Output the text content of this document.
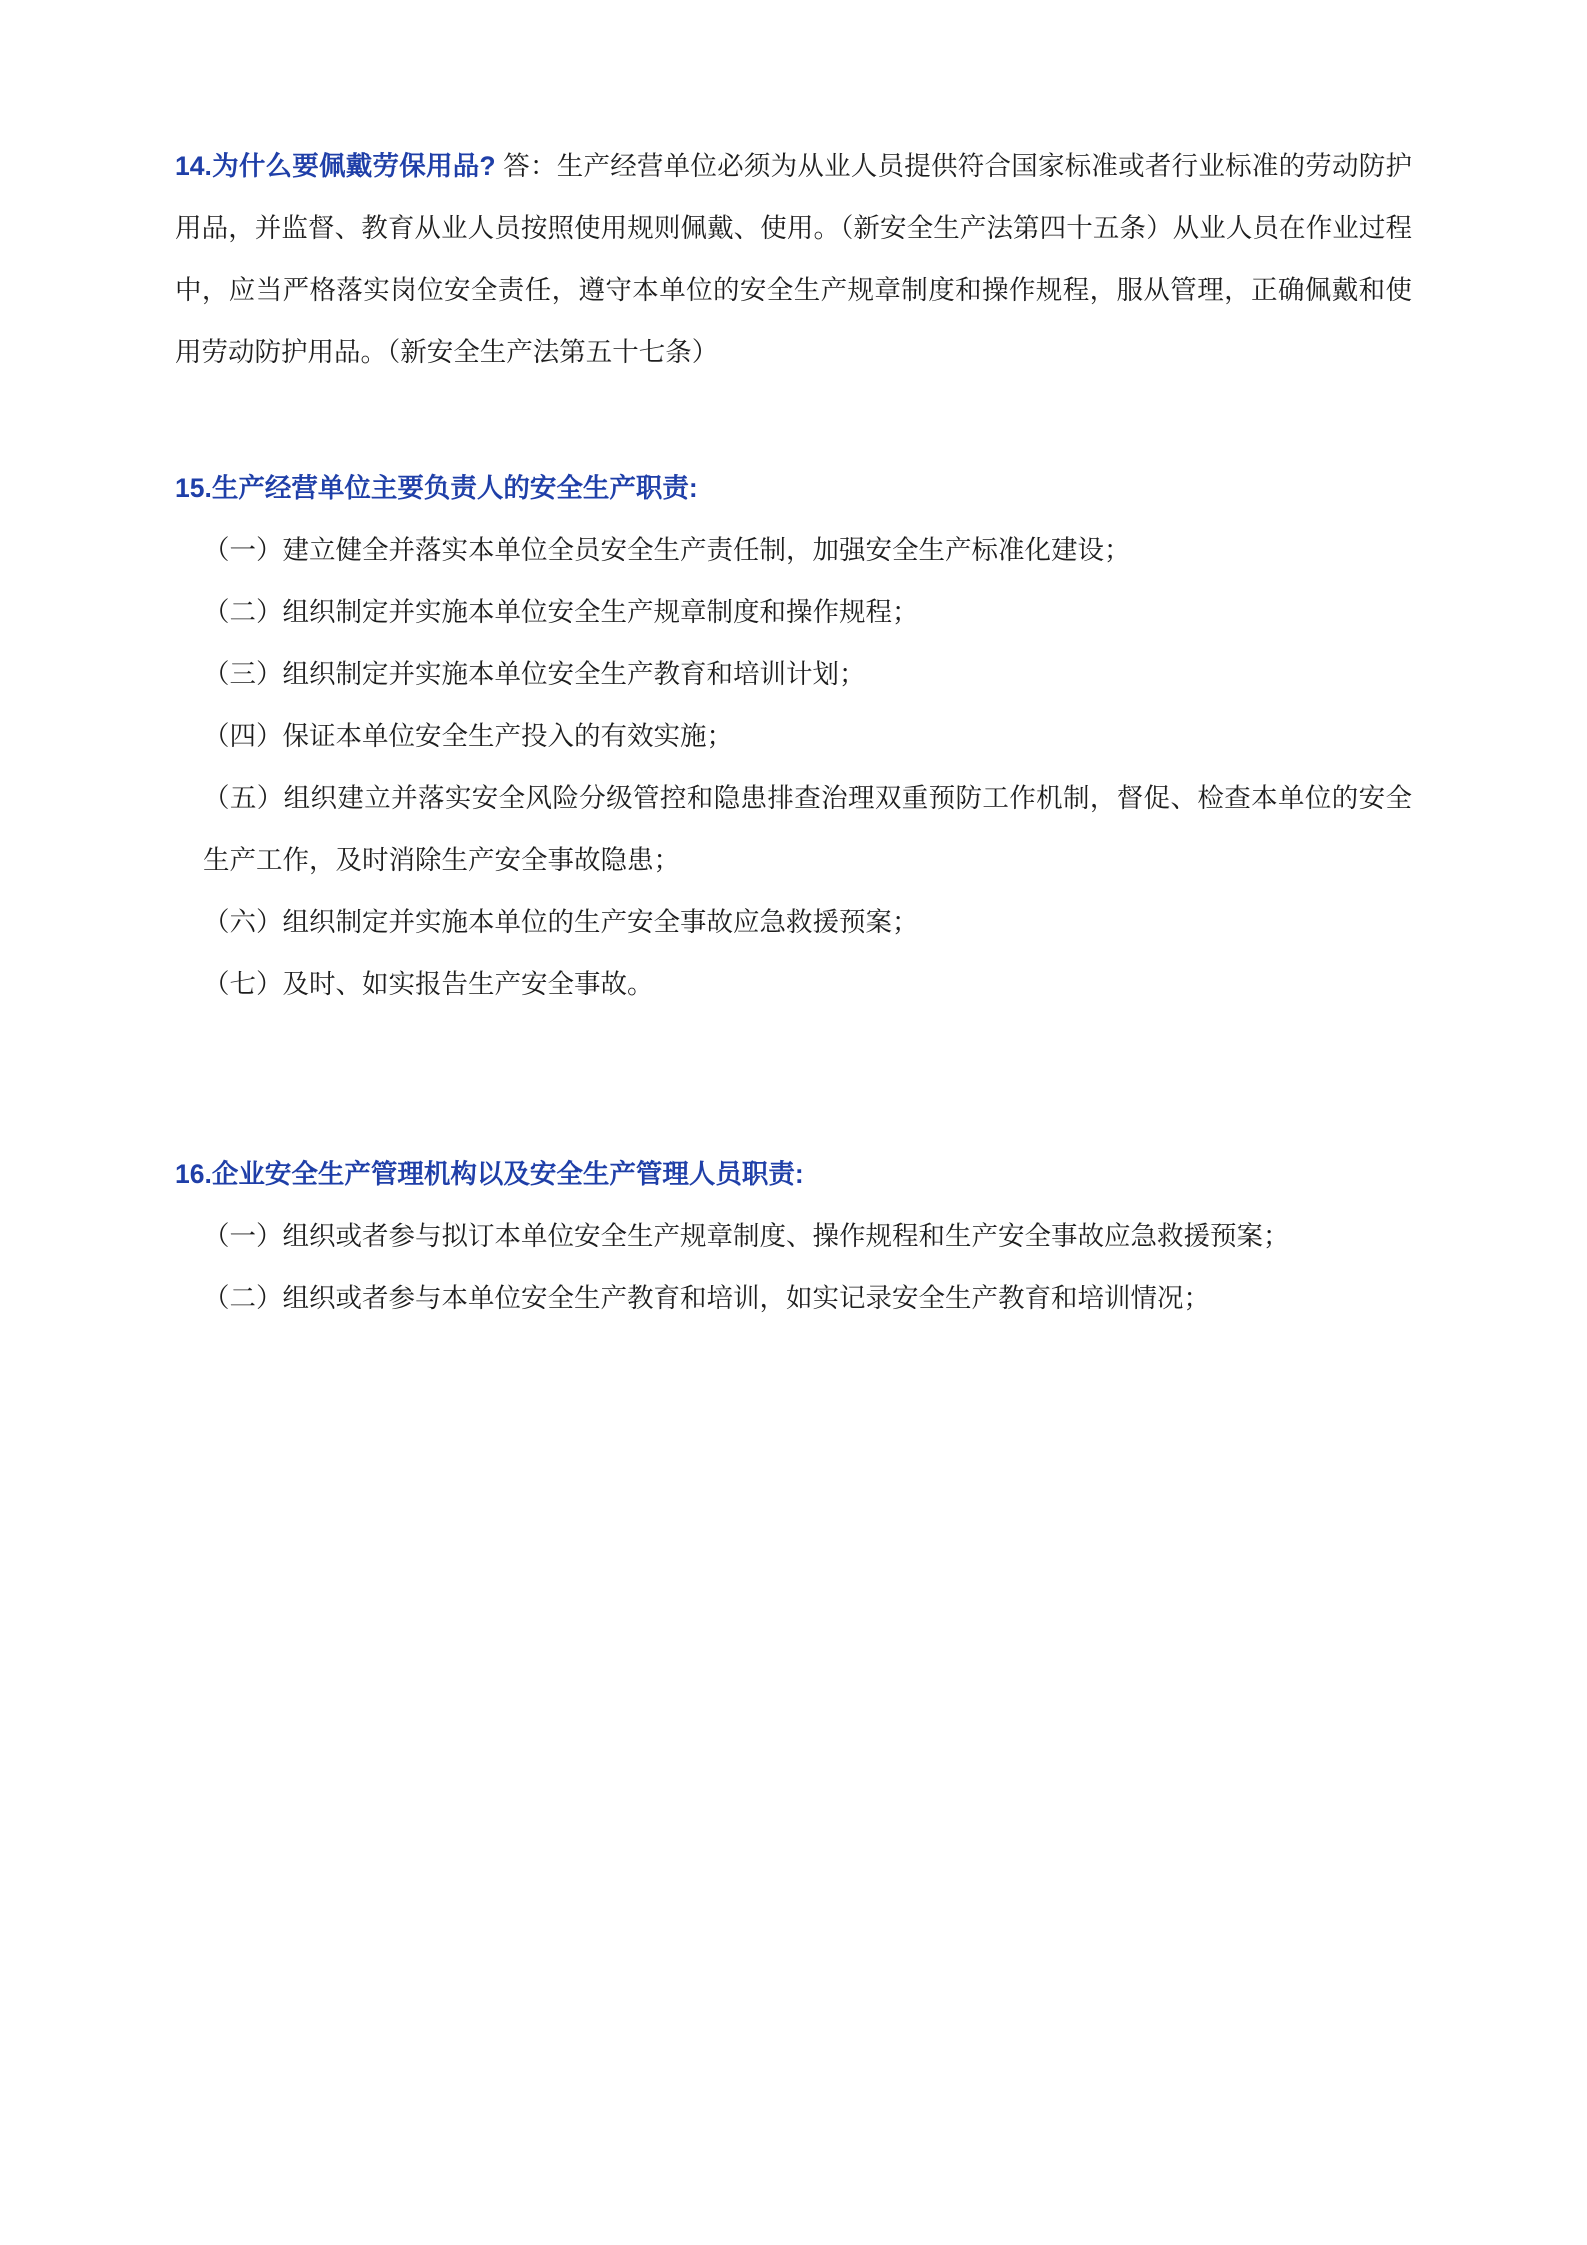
14.为什么要佩戴劳保用品? 答：生产经营单位必须为从业人员提供符合国家标准或者行业标准的劳动防护用品，并监督、教育从业人员按照使用规则佩戴、使用。（新安全生产法第四十五条）从业人员在作业过程中，应当严格落实岗位安全责任，遵守本单位的安全生产规章制度和操作规程，服从管理，正确佩戴和使用劳动防护用品。（新安全生产法第五十七条）

15.生产经营单位主要负责人的安全生产职责:

（一）建立健全并落实本单位全员安全生产责任制，加强安全生产标准化建设；

（二）组织制定并实施本单位安全生产规章制度和操作规程；

（三）组织制定并实施本单位安全生产教育和培训计划；

（四）保证本单位安全生产投入的有效实施；

（五）组织建立并落实安全风险分级管控和隐患排查治理双重预防工作机制，督促、检查本单位的安全生产工作，及时消除生产安全事故隐患；

（六）组织制定并实施本单位的生产安全事故应急救援预案；

（七）及时、如实报告生产安全事故。

16.企业安全生产管理机构以及安全生产管理人员职责:

（一）组织或者参与拟订本单位安全生产规章制度、操作规程和生产安全事故应急救援预案；

（二）组织或者参与本单位安全生产教育和培训，如实记录安全生产教育和培训情况；
